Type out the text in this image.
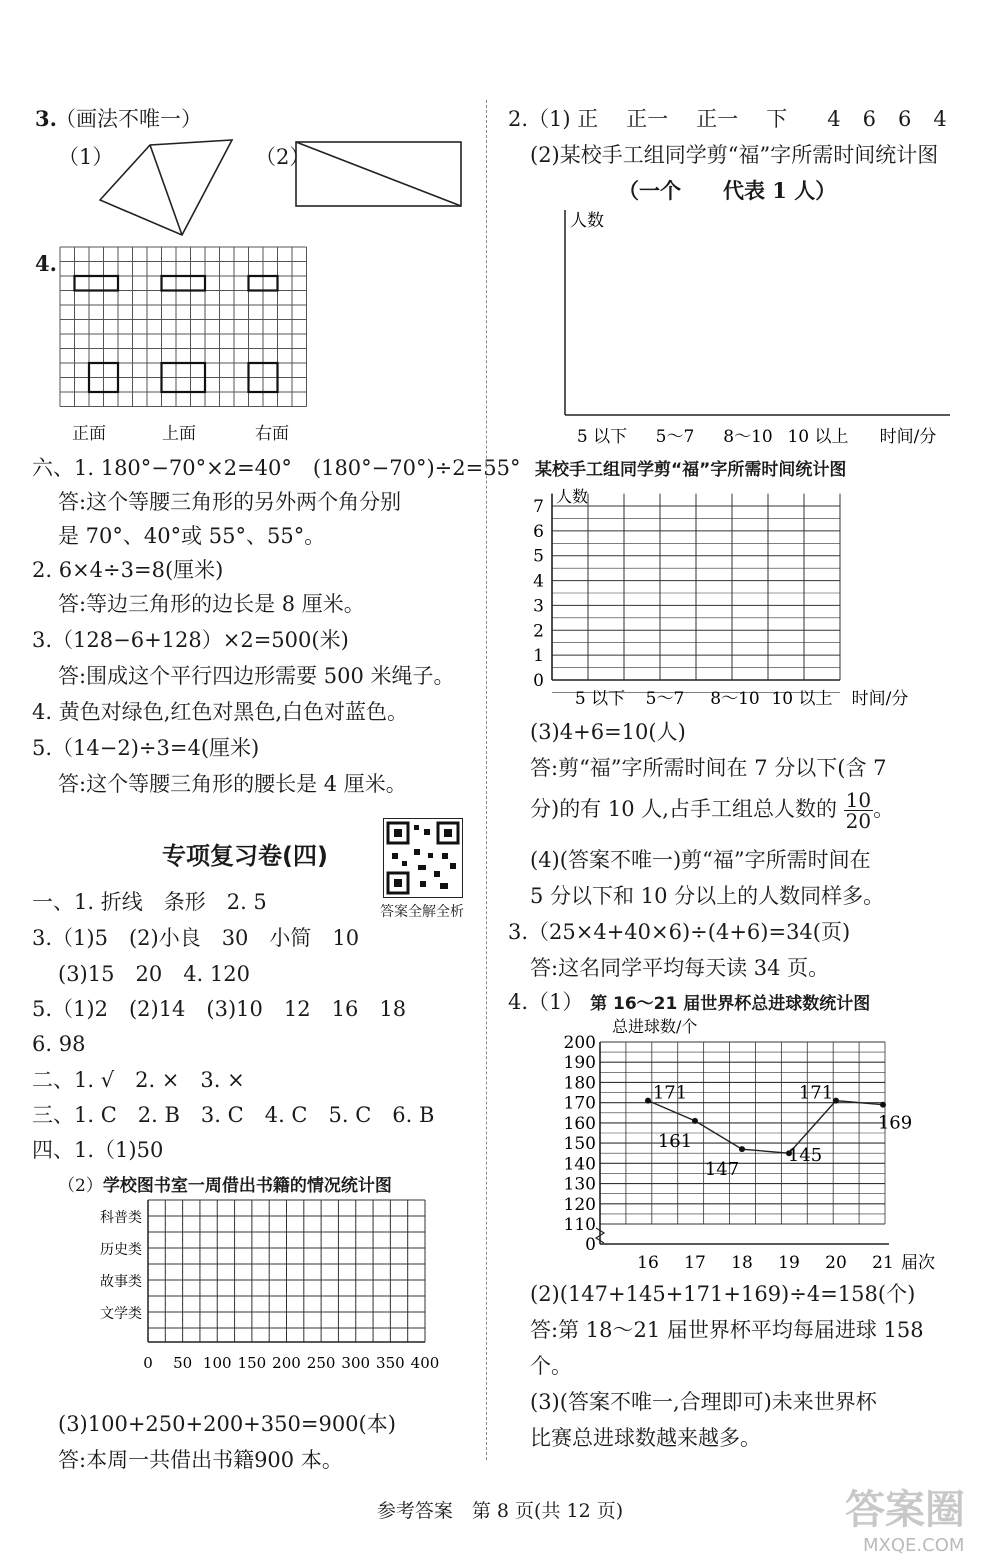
3.
（画法不唯一）
（1）	（2）
4.
正面	上面	右面
六、1. 180°−70°×2=40°　(180°−70°)÷2=55°
答:这个等腰三角形的另外两个角分别
是 70°、40°或 55°、55°。
2. 6×4÷3=8(厘米)
答:等边三角形的边长是 8 厘米。
3.（128−6+128）×2=500(米)
答:围成这个平行四边形需要 500 米绳子。
4. 黄色对绿色,红色对黑色,白色对蓝色。
5.（14−2)÷3=4(厘米)
答:这个等腰三角形的腰长是 4 厘米。
专项复习卷(四)
答案全解全析
一、1. 折线　条形　2. 5
3.（1)5　(2)小良　30　小简　10
(3)15　20　4. 120
5.（1)2　(2)14　(3)10　12　16　18
6. 98
二、1. √　2. ×　3. ×
三、1. C　2. B　3. C　4. C　5. C　6. B
四、1.（1)50
（2）学校图书室一周借出书籍的情况统计图
科普类
历史类
故事类
文学类
0 50 100 150 200 250 300 350 400
(3)100+250+200+350=900(本)
答:本周一共借出书籍900 本。
2.（1) 正 正一 正一 下 4 6 6 4
(2)某校手工组同学剪“福”字所需时间统计图
（一个　　代表 1 人）
人数
5 以下 5～7 8～10 10 以上 时间/分
某校手工组同学剪“福”字所需时间统计图
人数
0
1
2
3
4
5
6
7
5 以下 5～7 8～10 10 以上 时间/分
(3)4+6=10(人)
答:剪“福”字所需时间在 7 分以下(含 7
分)的有 10 人,占手工组总人数的 $\frac{10}{20}$ 。
(4)(答案不唯一)剪“福”字所需时间在
5 分以下和 10 分以上的人数同样多。
3.（25×4+40×6)÷(4+6)=34(页)
答:这名同学平均每天读 34 页。
4.（1） 第 16～21 届世界杯总进球数统计图
总进球数/个
0
110
120
130
140
150
160
170
180
190
200
16 17 18 19 20 21 届次
171
161
147
145
171
169
(2)(147+145+171+169)÷4=158(个)
答:第 18～21 届世界杯平均每届进球 158
个。
(3)(答案不唯一,合理即可)未来世界杯
比赛总进球数越来越多。
参考答案　第 8 页(共 12 页)	答案圈
MXQE.COM
